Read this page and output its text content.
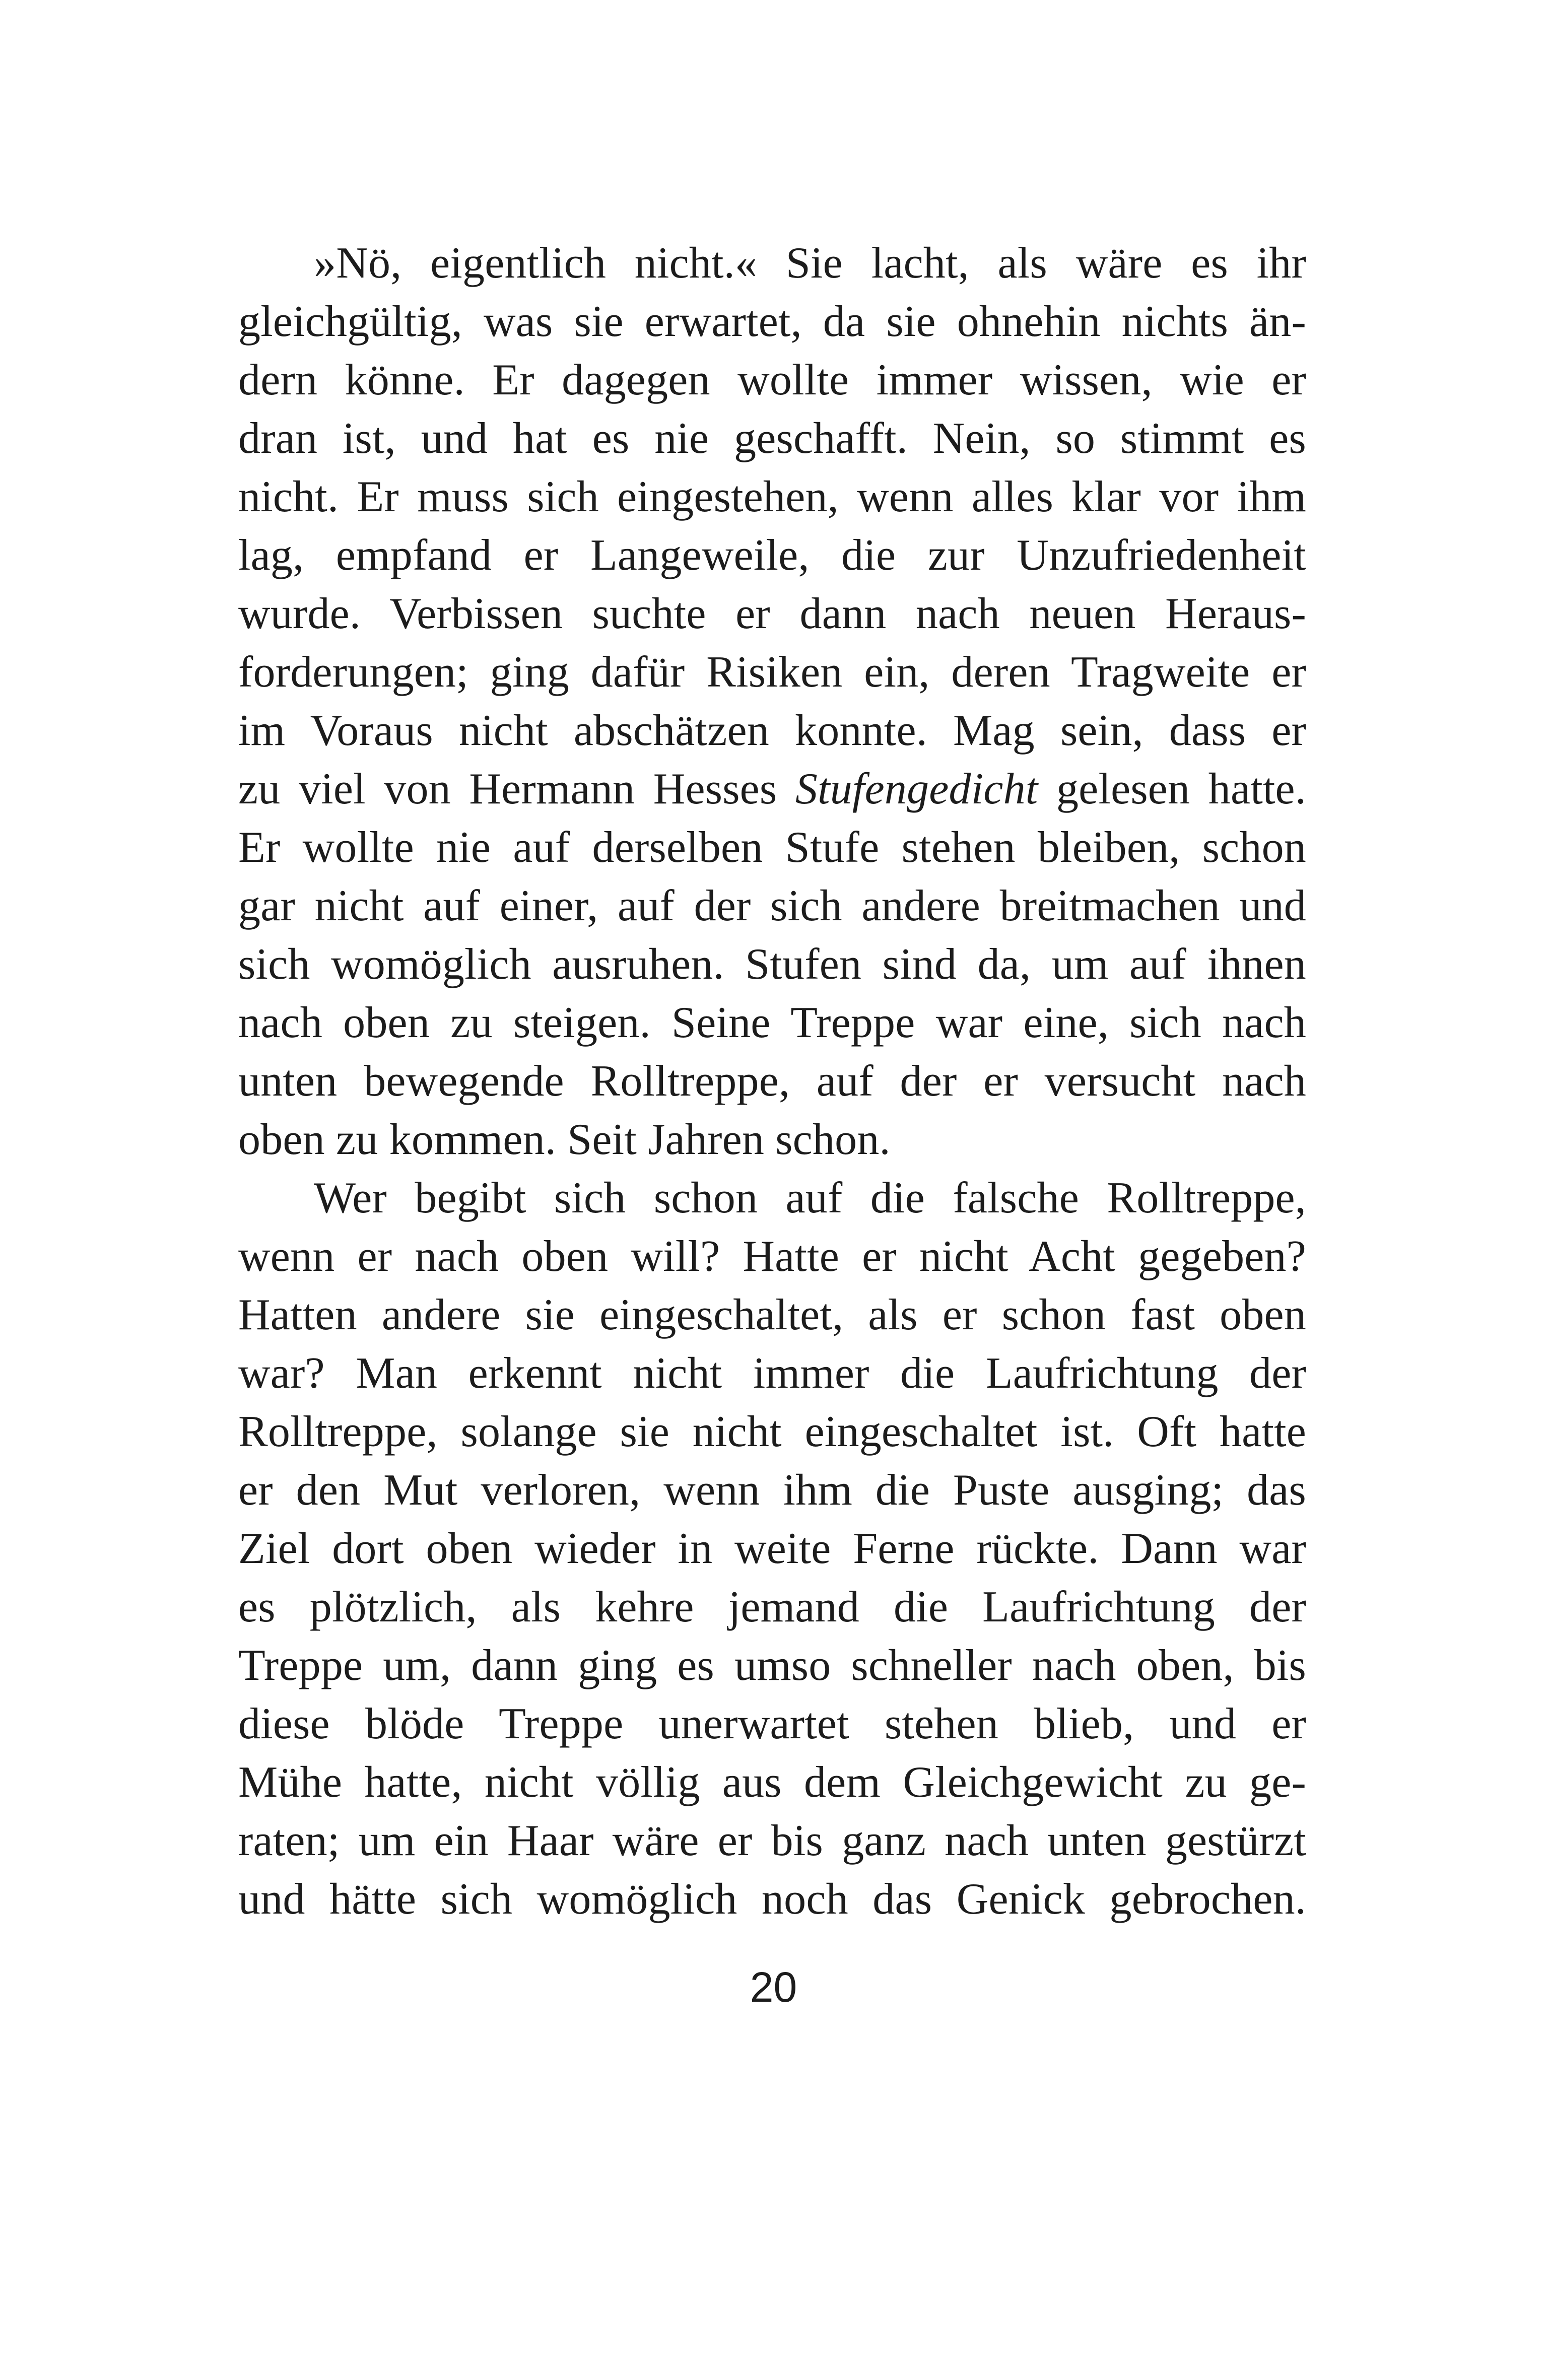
»Nö, eigentlich nicht.« Sie lacht, als wäre es ihr
gleichgültig, was sie erwartet, da sie ohnehin nichts än-
dern könne. Er dagegen wollte immer wissen, wie er
dran ist, und hat es nie geschafft. Nein, so stimmt es
nicht. Er muss sich eingestehen, wenn alles klar vor ihm
lag, empfand er Langeweile, die zur Unzufriedenheit
wurde. Verbissen suchte er dann nach neuen Heraus-
forderungen; ging dafür Risiken ein, deren Tragweite er
im Voraus nicht abschätzen konnte. Mag sein, dass er
zu viel von Hermann Hesses Stufengedicht gelesen hatte.
Er wollte nie auf derselben Stufe stehen bleiben, schon
gar nicht auf einer, auf der sich andere breitmachen und
sich womöglich ausruhen. Stufen sind da, um auf ihnen
nach oben zu steigen. Seine Treppe war eine, sich nach
unten bewegende Rolltreppe, auf der er versucht nach
oben zu kommen. Seit Jahren schon.
Wer begibt sich schon auf die falsche Rolltreppe,
wenn er nach oben will? Hatte er nicht Acht gegeben?
Hatten andere sie eingeschaltet, als er schon fast oben
war? Man erkennt nicht immer die Laufrichtung der
Rolltreppe, solange sie nicht eingeschaltet ist. Oft hatte
er den Mut verloren, wenn ihm die Puste ausging; das
Ziel dort oben wieder in weite Ferne rückte. Dann war
es plötzlich, als kehre jemand die Laufrichtung der
Treppe um, dann ging es umso schneller nach oben, bis
diese blöde Treppe unerwartet stehen blieb, und er
Mühe hatte, nicht völlig aus dem Gleichgewicht zu ge-
raten; um ein Haar wäre er bis ganz nach unten gestürzt
und hätte sich womöglich noch das Genick gebrochen.
20
